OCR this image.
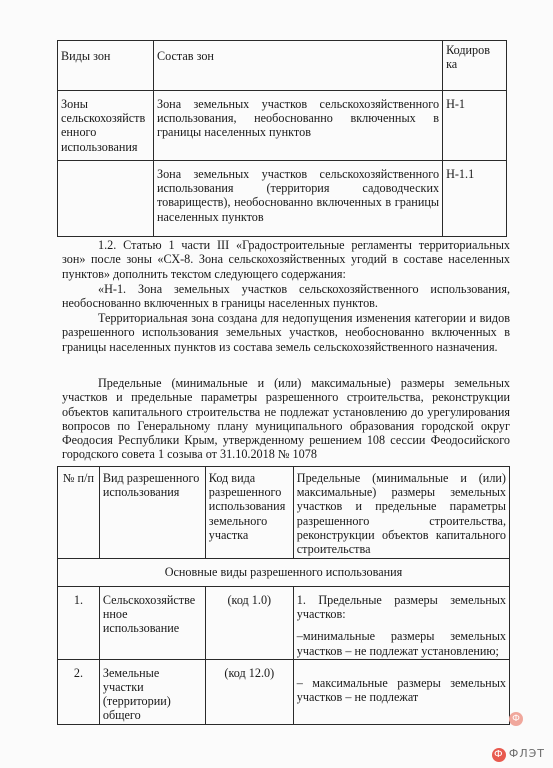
Виды зон	Состав зон	Кодиров ка
Зоны сельскохозяйств енного использования	Зона земельных участков сельскохозяйственного использования, необоснованно включенных в границы населенных пунктов	Н-1
	Зона земельных участков сельскохозяйственного использования (территория садоводческих товариществ), необоснованно включенных в границы населенных пунктов	Н-1.1
1.2. Статью 1 части III «Градостроительные регламенты территориальных зон» после зоны «СХ-8. Зона сельскохозяйственных угодий в составе населенных пунктов» дополнить текстом следующего содержания:
«Н-1. Зона земельных участков сельскохозяйственного использования, необоснованно включенных в границы населенных пунктов.
Территориальная зона создана для недопущения изменения категории и видов разрешенного использования земельных участков, необоснованно включенных в границы населенных пунктов из состава земель сельскохозяйственного назначения.
Предельные (минимальные и (или) максимальные) размеры земельных участков и предельные параметры разрешенного строительства, реконструкции объектов капитального строительства не подлежат установлению до урегулирования вопросов по Генеральному плану муниципального образования городской округ Феодосия Республики Крым, утвержденному решением 108 сессии Феодосийского городского совета 1 созыва от 31.10.2018 № 1078
№ п/п	Вид разрешенного использования	Код вида разрешенного использования земельного участка	Предельные (минимальные и (или) максимальные) размеры земельных участков и предельные параметры разрешенного строительства, реконструкции объектов капитального строительства
Основные виды разрешенного использования			
1.	Сельскохозяйстве нное использование	(код 1.0)	1. Предельные размеры земельных участков:
–минимальные размеры земельных участков – не подлежат установлению;

2.	Земельные участки (территории) общего	(код 12.0)	– максимальные размеры земельных участков – не подлежат
Ф
Ф ФЛЭТ
